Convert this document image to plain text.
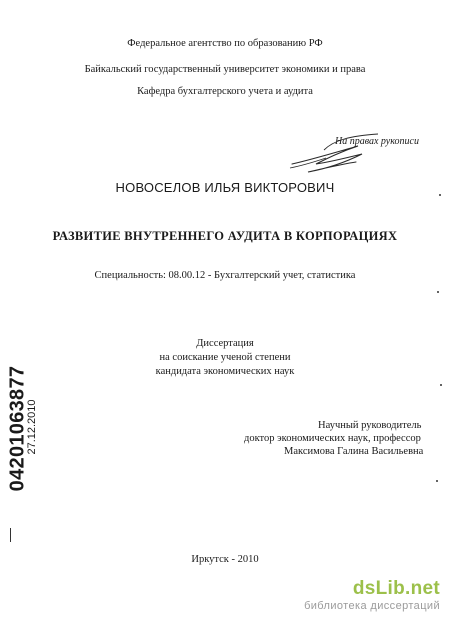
Федеральное агентство по образованию РФ
Байкальский государственный университет экономики и права
Кафедра бухгалтерского учета и аудита
На правах рукописи
НОВОСЕЛОВ ИЛЬЯ ВИКТОРОВИЧ
РАЗВИТИЕ ВНУТРЕННЕГО АУДИТА В КОРПОРАЦИЯХ
Специальность: 08.00.12 - Бухгалтерский учет, статистика
Диссертация
на соискание ученой степени
кандидата экономических наук
Научный руководитель
доктор экономических наук, профессор
Максимова Галина Васильевна
Иркутск - 2010
04201063877
27.12.2010
dsLib.net
библиотека диссертаций
